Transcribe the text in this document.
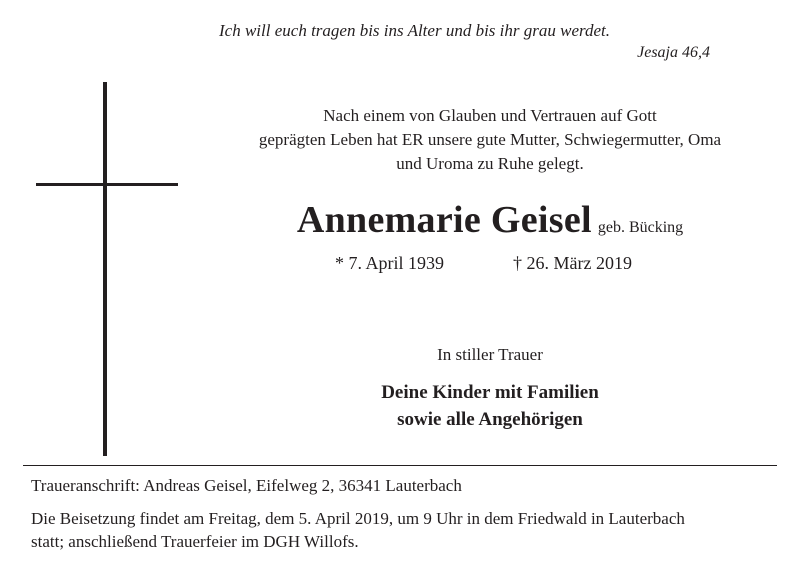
Ich will euch tragen bis ins Alter und bis ihr grau werdet.
Jesaja 46,4
Nach einem von Glauben und Vertrauen auf Gott
geprägten Leben hat ER unsere gute Mutter, Schwiegermutter, Oma
und Uroma zu Ruhe gelegt.
Annemarie Geisel geb. Bücking
* 7. April 1939	† 26. März 2019
In stiller Trauer
Deine Kinder mit Familien
sowie alle Angehörigen
Traueranschrift: Andreas Geisel, Eifelweg 2, 36341 Lauterbach
Die Beisetzung findet am Freitag, dem 5. April 2019, um 9 Uhr in dem Friedwald in Lauterbach
statt; anschließend Trauerfeier im DGH Willofs.
